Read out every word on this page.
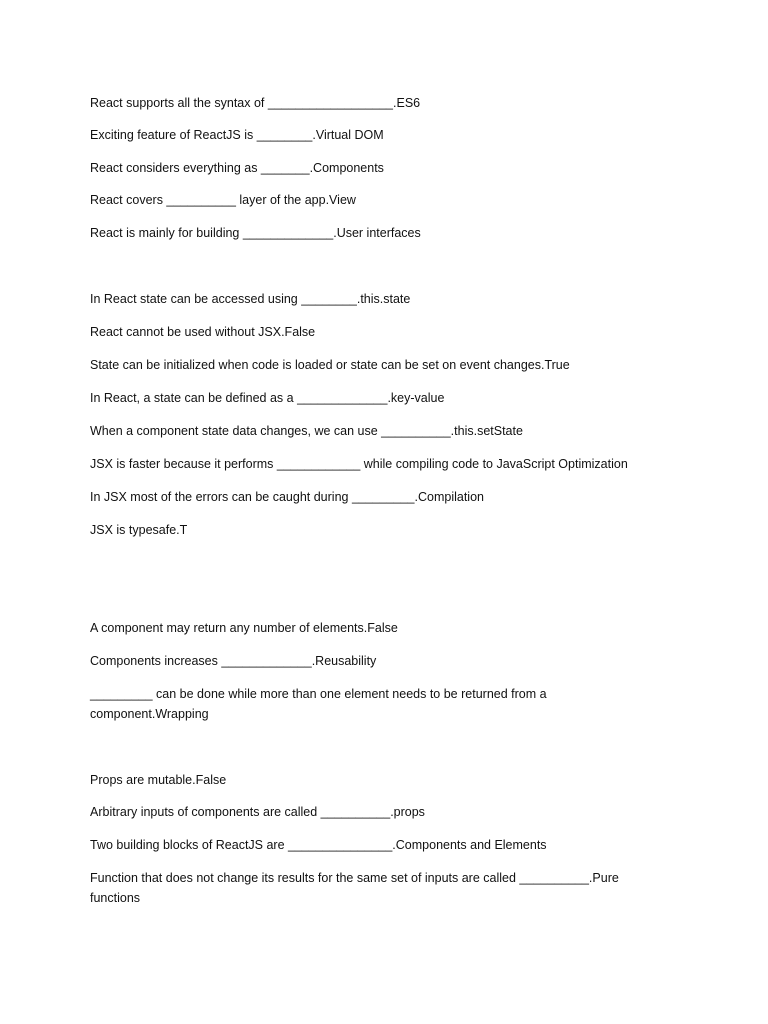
React supports all the syntax of __________________.ES6
Exciting feature of ReactJS is ________.Virtual DOM
React considers everything as _______.Components
React covers __________ layer of the app.View
React is mainly for building _____________.User interfaces
In React state can be accessed using ________.this.state
React cannot be used without JSX.False
State can be initialized when code is loaded or state can be set on event changes.True
In React, a state can be defined as a _____________.key-value
When a component state data changes, we can use __________.this.setState
JSX is faster because it performs ____________ while compiling code to JavaScript Optimization
In JSX most of the errors can be caught during _________.Compilation
JSX is typesafe.T
A component may return any number of elements.False
Components increases _____________.Reusability
_________ can be done while more than one element needs to be returned from a component.Wrapping
Props are mutable.False
Arbitrary inputs of components are called __________.props
Two building blocks of ReactJS are _______________.Components and Elements
Function that does not change its results for the same set of inputs are called __________.Pure functions
